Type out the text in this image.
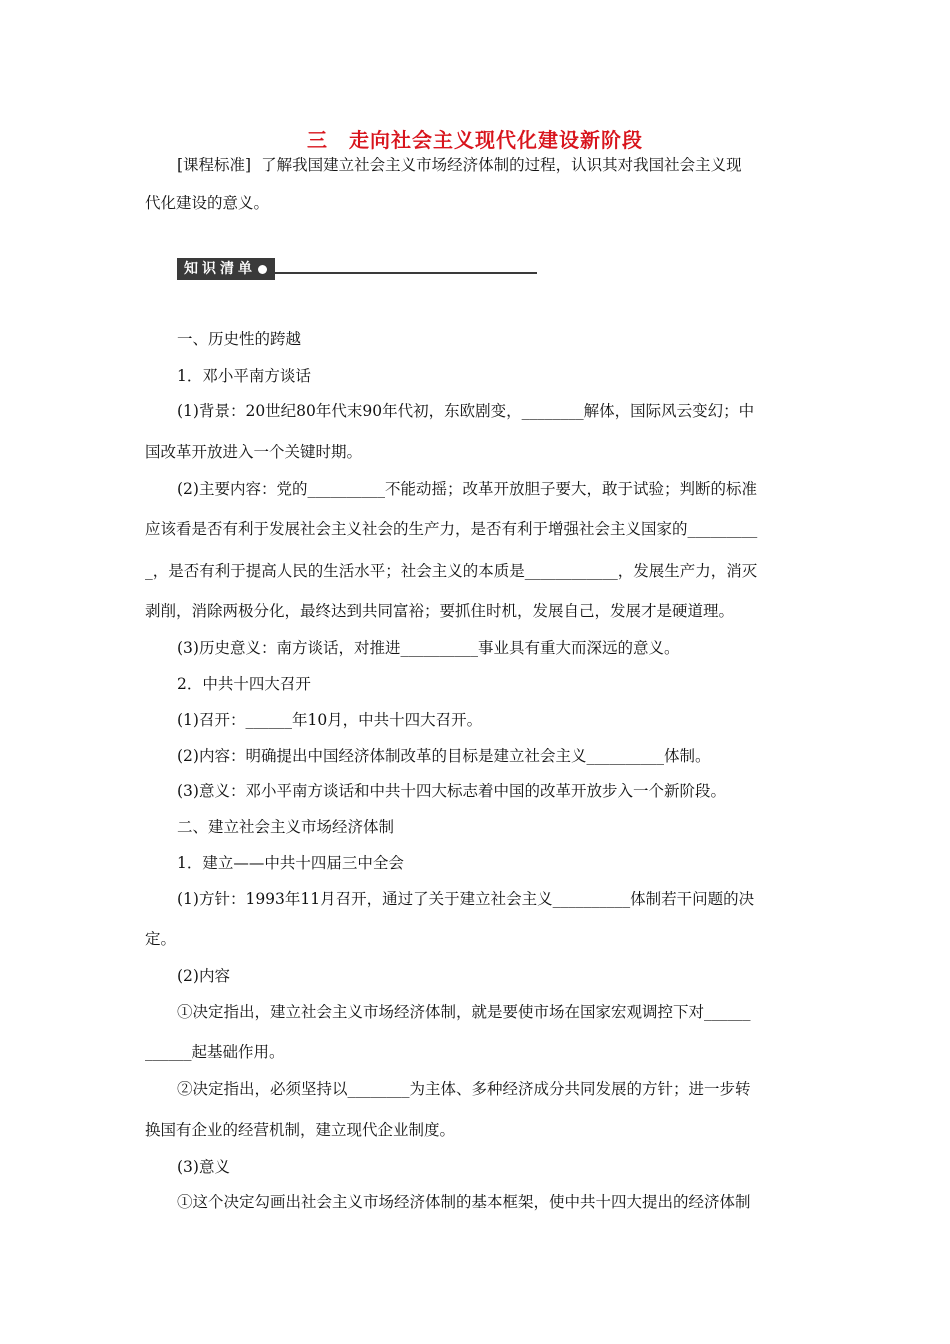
三　走向社会主义现代化建设新阶段
[课程标准] 了解我国建立社会主义市场经济体制的过程，认识其对我国社会主义现
代化建设的意义。
知识清单
一、历史性的跨越
1．邓小平南方谈话
(1)背景：20世纪80年代末90年代初，东欧剧变，________解体，国际风云变幻；中
国改革开放进入一个关键时期。
(2)主要内容：党的__________不能动摇；改革开放胆子要大，敢于试验；判断的标准
应该看是否有利于发展社会主义社会的生产力，是否有利于增强社会主义国家的_________
_，是否有利于提高人民的生活水平；社会主义的本质是____________，发展生产力，消灭
剥削，消除两极分化，最终达到共同富裕；要抓住时机，发展自己，发展才是硬道理。
(3)历史意义：南方谈话，对推进__________事业具有重大而深远的意义。
2．中共十四大召开
(1)召开：______年10月，中共十四大召开。
(2)内容：明确提出中国经济体制改革的目标是建立社会主义__________体制。
(3)意义：邓小平南方谈话和中共十四大标志着中国的改革开放步入一个新阶段。
二、建立社会主义市场经济体制
1．建立——中共十四届三中全会
(1)方针：1993年11月召开，通过了关于建立社会主义__________体制若干问题的决
定。
(2)内容
①决定指出，建立社会主义市场经济体制，就是要使市场在国家宏观调控下对______
______起基础作用。
②决定指出，必须坚持以________为主体、多种经济成分共同发展的方针；进一步转
换国有企业的经营机制，建立现代企业制度。
(3)意义
①这个决定勾画出社会主义市场经济体制的基本框架，使中共十四大提出的经济体制
